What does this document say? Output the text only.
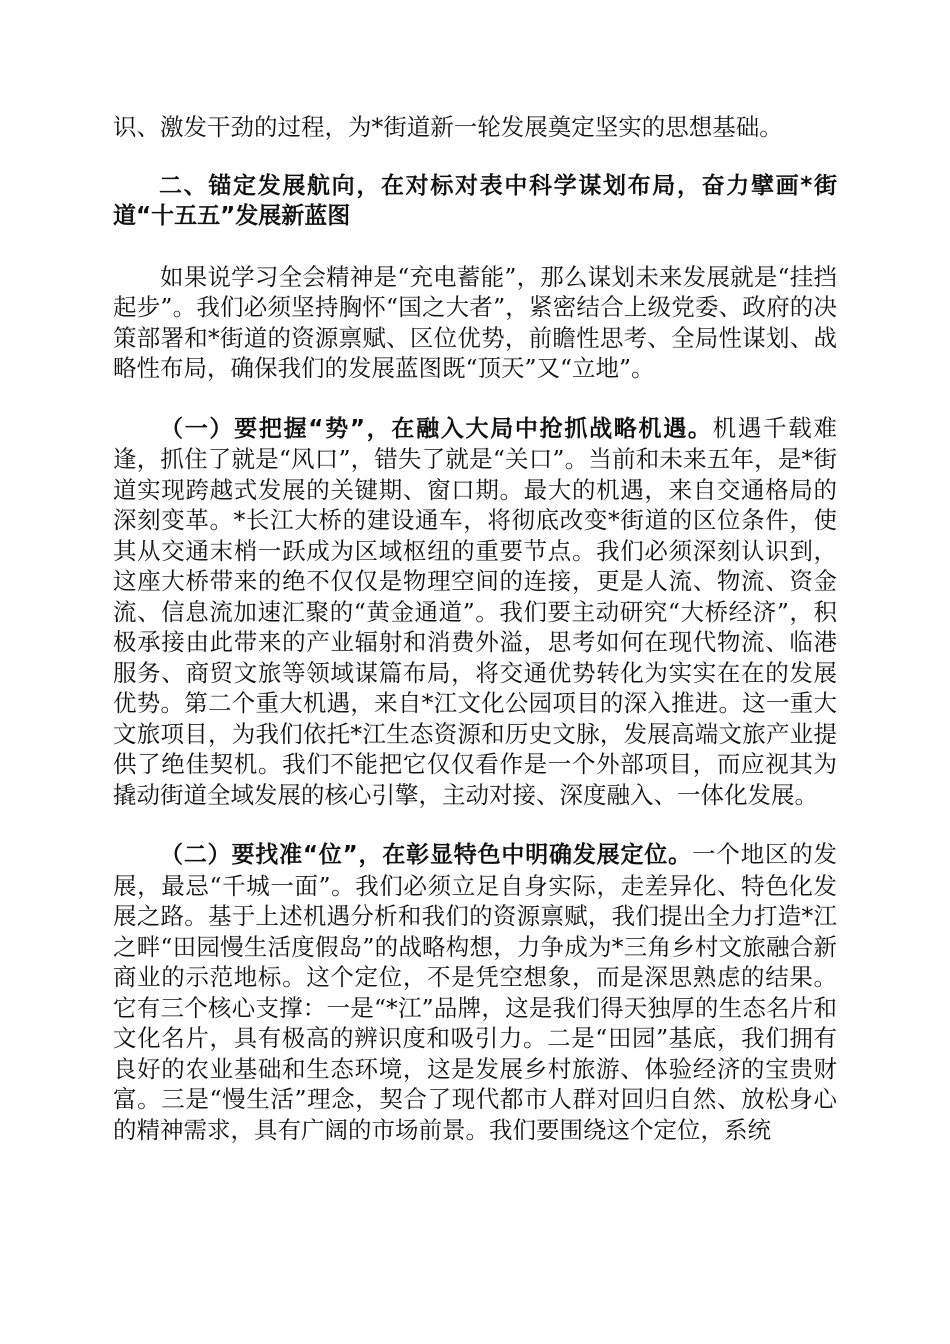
识、激发干劲的过程，为*街道新一轮发展奠定坚实的思想基础。

二、锚定发展航向，在对标对表中科学谋划布局，奋力擘画*街道“十五五”发展新蓝图

如果说学习全会精神是“充电蓄能”，那么谋划未来发展就是“挂挡起步”。我们必须坚持胸怀“国之大者”，紧密结合上级党委、政府的决策部署和*街道的资源禀赋、区位优势，前瞻性思考、全局性谋划、战略性布局，确保我们的发展蓝图既“顶天”又“立地”。

（一）要把握“势”，在融入大局中抢抓战略机遇。机遇千载难逢，抓住了就是“风口”，错失了就是“关口”。当前和未来五年，是*街道实现跨越式发展的关键期、窗口期。最大的机遇，来自交通格局的深刻变革。*长江大桥的建设通车，将彻底改变*街道的区位条件，使其从交通末梢一跃成为区域枢纽的重要节点。我们必须深刻认识到，这座大桥带来的绝不仅仅是物理空间的连接，更是人流、物流、资金流、信息流加速汇聚的“黄金通道”。我们要主动研究“大桥经济”，积极承接由此带来的产业辐射和消费外溢，思考如何在现代物流、临港服务、商贸文旅等领域谋篇布局，将交通优势转化为实实在在的发展优势。第二个重大机遇，来自*江文化公园项目的深入推进。这一重大文旅项目，为我们依托*江生态资源和历史文脉，发展高端文旅产业提供了绝佳契机。我们不能把它仅仅看作是一个外部项目，而应视其为撬动街道全域发展的核心引擎，主动对接、深度融入、一体化发展。

（二）要找准“位”，在彰显特色中明确发展定位。一个地区的发展，最忌“千城一面”。我们必须立足自身实际，走差异化、特色化发展之路。基于上述机遇分析和我们的资源禀赋，我们提出全力打造*江之畔“田园慢生活度假岛”的战略构想，力争成为*三角乡村文旅融合新商业的示范地标。这个定位，不是凭空想象，而是深思熟虑的结果。它有三个核心支撑：一是“*江”品牌，这是我们得天独厚的生态名片和文化名片，具有极高的辨识度和吸引力。二是“田园”基底，我们拥有良好的农业基础和生态环境，这是发展乡村旅游、体验经济的宝贵财富。三是“慢生活”理念，契合了现代都市人群对回归自然、放松身心的精神需求，具有广阔的市场前景。我们要围绕这个定位，系统
